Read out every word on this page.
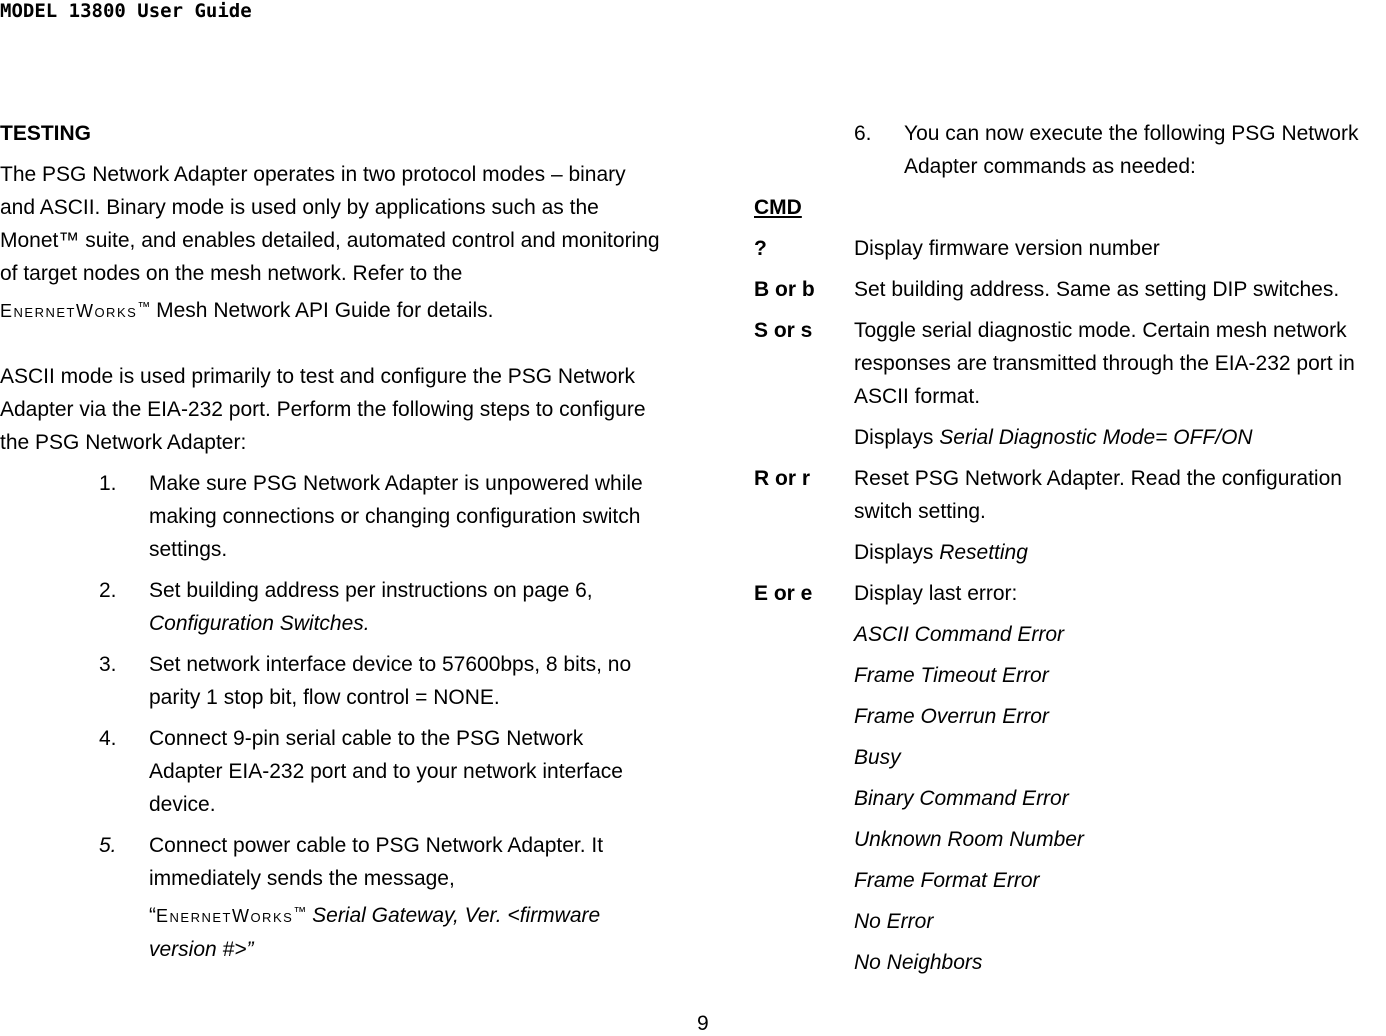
MODEL 13800 User Guide
TESTING

The PSG Network Adapter operates in two protocol modes – binary and ASCII. Binary mode is used only by applications such as the Monet™ suite, and enables detailed, automated control and monitoring of target nodes on the mesh network. Refer to the
EnernetWorks™ Mesh Network API Guide for details.

ASCII mode is used primarily to test and configure the PSG Network Adapter via the EIA-232 port. Perform the following steps to configure the PSG Network Adapter:

1. Make sure PSG Network Adapter is unpowered while making connections or changing configuration switch settings.
2. Set building address per instructions on page 6,
Configuration Switches.
3. Set network interface device to 57600bps, 8 bits, no parity 1 stop bit, flow control = NONE.
4. Connect 9-pin serial cable to the PSG Network Adapter EIA-232 port and to your network interface device.
5. Connect power cable to PSG Network Adapter. It immediately sends the message,
“EnernetWorks™ Serial Gateway, Ver. <firmware version #>”
6. You can now execute the following PSG Network Adapter commands as needed:
CMD
?	Display firmware version number
B or b Set building address. Same as setting DIP switches.
S or s Toggle serial diagnostic mode. Certain mesh network responses are transmitted through the EIA-232 port in ASCII format.
Displays Serial Diagnostic Mode= OFF/ON
R or r Reset PSG Network Adapter. Read the configuration switch setting.
Displays Resetting
E or e Display last error:
ASCII Command Error
Frame Timeout Error
Frame Overrun Error
Busy
Binary Command Error
Unknown Room Number
Frame Format Error
No Error
No Neighbors
9
